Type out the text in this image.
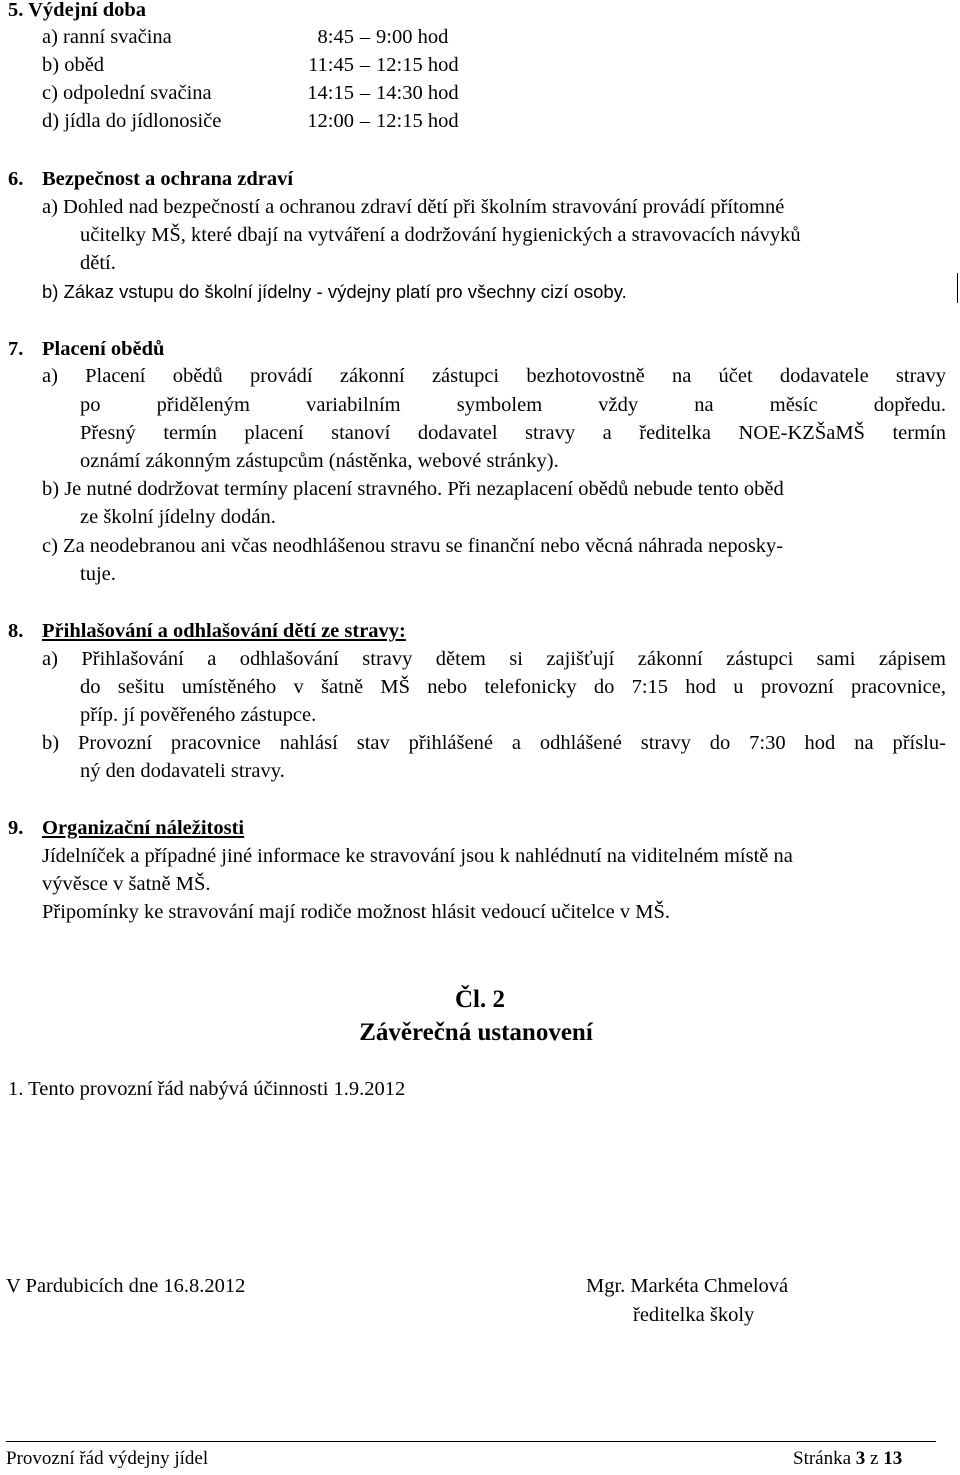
5. Výdejní doba
a) ranní svačina	8:45 – 9:00 hod
b) oběd	11:45 – 12:15 hod
c) odpolední svačina	14:15 – 14:30 hod
d) jídla do jídlonosiče	12:00 – 12:15 hod
6. Bezpečnost a ochrana zdraví
a) Dohled nad bezpečností a ochranou zdraví dětí při školním stravování provádí přítomné
učitelky MŠ, které dbají na vytváření a dodržování hygienických a stravovacích návyků
dětí.
b) Zákaz vstupu do školní jídelny - výdejny platí pro všechny cizí osoby.
7. Placení obědů
a) Placení obědů provádí zákonní zástupci bezhotovostně na účet dodavatele stravy
po přiděleným variabilním symbolem vždy na měsíc dopředu.
Přesný termín placení stanoví dodavatel stravy a ředitelka NOE-KZŠaMŠ termín
oznámí zákonným zástupcům (nástěnka, webové stránky).
b) Je nutné dodržovat termíny placení stravného. Při nezaplacení obědů nebude tento oběd
ze školní jídelny dodán.
c) Za neodebranou ani včas neodhlášenou stravu se finanční nebo věcná náhrada neposky-
tuje.
8. Přihlašování a odhlašování dětí ze stravy:
a) Přihlašování a odhlašování stravy dětem si zajišťují zákonní zástupci sami zápisem
do sešitu umístěného v šatně MŠ nebo telefonicky do 7:15 hod u provozní pracovnice,
příp. jí pověřeného zástupce.
b) Provozní pracovnice nahlásí stav přihlášené a odhlášené stravy do 7:30 hod na příslu-
ný den dodavateli stravy.
9. Organizační náležitosti
Jídelníček a případné jiné informace ke stravování jsou k nahlédnutí na viditelném místě na
vývěsce v šatně MŠ.
Připomínky ke stravování mají rodiče možnost hlásit vedoucí učitelce v MŠ.
Čl. 2
Závěrečná ustanovení
1. Tento provozní řád nabývá účinnosti 1.9.2012
V Pardubicích dne 16.8.2012	Mgr. Markéta Chmelová
ředitelka školy
Provozní řád výdejny jídel	Stránka 3 z 13
